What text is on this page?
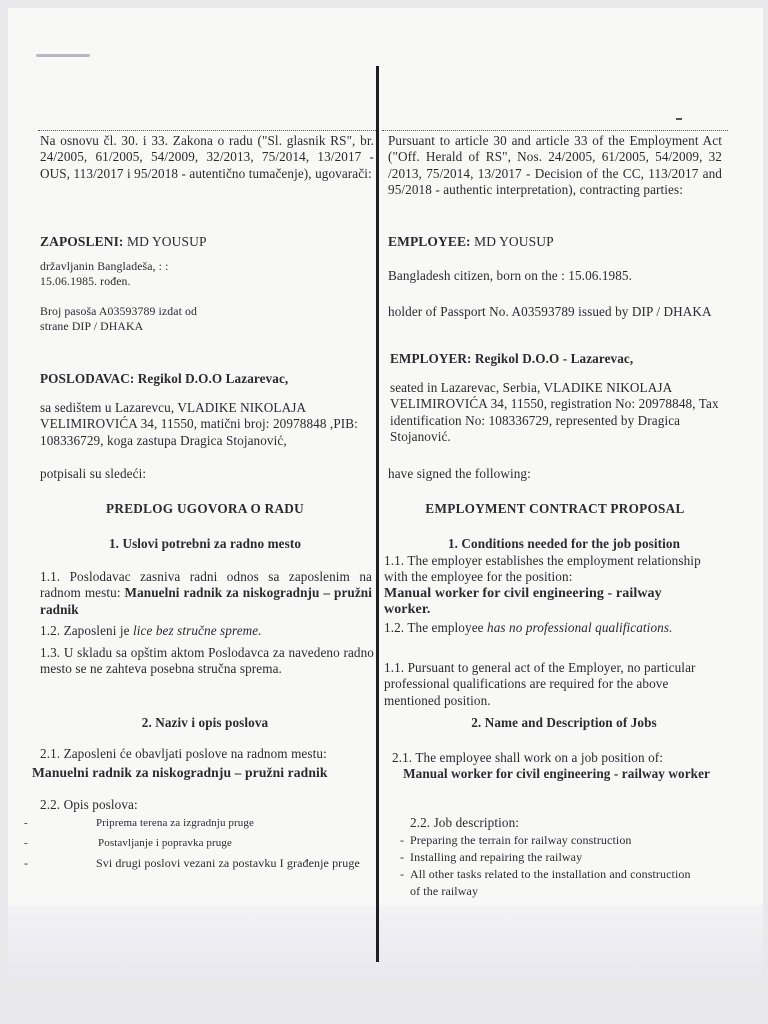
Na osnovu čl. 30. i 33. Zakona o radu ("Sl. glasnik RS", br. 24/2005, 61/2005, 54/2009, 32/2013, 75/2014, 13/2017 - OUS, 113/2017 i 95/2018 - autentično tumačenje), ugovarači:

ZAPOSLENI: MD YOUSUP

državljanin Bangladeša, : :
15.06.1985. rođen.

Broj pasoša A03593789 izdat od
strane DIP / DHAKA

POSLODAVAC: Regikol D.O.O Lazarevac,

sa sedištem u Lazarevcu, VLADIKE NIKOLAJA VELIMIROVIĆA 34, 11550, matični broj: 20978848 ,PIB: 108336729, koga zastupa Dragica Stojanović,

potpisali su sledeći:

PREDLOG UGOVORA O RADU

1. Uslovi potrebni za radno mesto

1.1. Poslodavac zasniva radni odnos sa zaposlenim na radnom mestu: Manuelni radnik za niskogradnju – pružni radnik

1.2. Zaposleni je lice bez stručne spreme.

1.3. U skladu sa opštim aktom Poslodavca za navedeno radno mesto se ne zahteva posebna stručna sprema.

2. Naziv i opis poslova

2.1. Zaposleni će obavljati poslove na radnom mestu:

Manuelni radnik za niskogradnju – pružni radnik

2.2. Opis poslova:

- Priprema terena za izgradnju pruge
- Postavljanje i popravka pruge
- Svi drugi poslovi vezani za postavku I građenje pruge

Pursuant to article 30 and article 33 of the Employment Act ("Off. Herald of RS", Nos. 24/2005, 61/2005, 54/2009, 32 /2013, 75/2014, 13/2017 - Decision of the CC, 113/2017 and 95/2018 - authentic interpretation), contracting parties:

EMPLOYEE: MD YOUSUP

Bangladesh citizen, born on the : 15.06.1985.

holder of Passport No. A03593789 issued by DIP / DHAKA

EMPLOYER: Regikol D.O.O - Lazarevac,

seated in Lazarevac, Serbia, VLADIKE NIKOLAJA VELIMIROVIĆA 34, 11550, registration No: 20978848, Tax identification No: 108336729, represented by Dragica Stojanović.

have signed the following:

EMPLOYMENT CONTRACT PROPOSAL

1. Conditions needed for the job position

1.1. The employer establishes the employment relationship with the employee for the position:

Manual worker for civil engineering - railway worker.

1.2. The employee has no professional qualifications.

1.1. Pursuant to general act of the Employer, no particular professional qualifications are required for the above mentioned position.

2. Name and Description of Jobs

2.1. The employee shall work on a job position of:

Manual worker for civil engineering - railway worker

2.2. Job description:

- Preparing the terrain for railway construction
- Installing and repairing the railway
- All other tasks related to the installation and construction of the railway
